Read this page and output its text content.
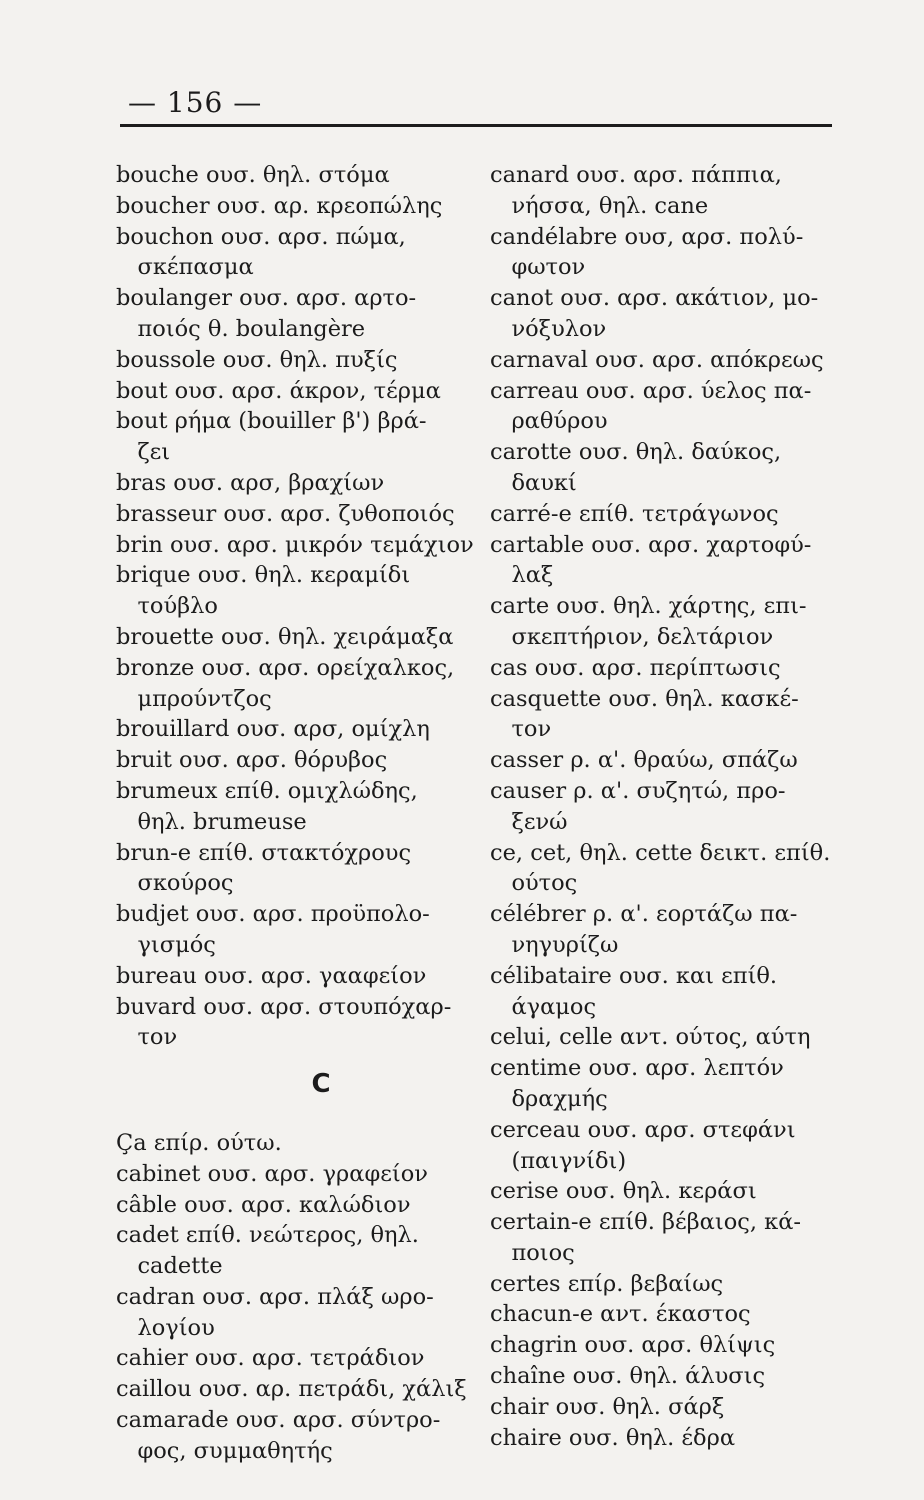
— 156 —
bouche ουσ. θηλ. στόμα
boucher ουσ. αρ. κρεοπώλης
bouchon ουσ. αρσ. πώμα,
σκέπασμα
boulanger ουσ. αρσ. αρτο-
ποιός θ. boulangère
boussole ουσ. θηλ. πυξίς
bout ουσ. αρσ. άκρον, τέρμα
bout ρήμα (bouiller β') βρά-
ζει
bras ουσ. αρσ, βραχίων
brasseur ουσ. αρσ. ζυθοποιός
brin ουσ. αρσ. μικρόν τεμάχιον
brique ουσ. θηλ. κεραμίδι
τούβλο
brouette ουσ. θηλ. χειράμαξα
bronze ουσ. αρσ. ορείχαλκος,
μπρούντζος
brouillard ουσ. αρσ, ομίχλη
bruit ουσ. αρσ. θόρυβος
brumeux επίθ. ομιχλώδης,
θηλ. brumeuse
brun-e επίθ. στακτόχρους
σκούρος
budjet ουσ. αρσ. προϋπολο-
γισμός
bureau ουσ. αρσ. γααφείον
buvard ουσ. αρσ. στουπόχαρ-
τον
C
Ça επίρ. ούτω.
cabinet ουσ. αρσ. γραφείον
câble ουσ. αρσ. καλώδιον
cadet επίθ. νεώτερος, θηλ.
cadette
cadran ουσ. αρσ. πλάξ ωρο-
λογίου
cahier ουσ. αρσ. τετράδιον
caillou ουσ. αρ. πετράδι, χάλιξ
camarade ουσ. αρσ. σύντρο-
φος, συμμαθητής
canard ουσ. αρσ. πάππια,
νήσσα, θηλ. cane
candélabre ουσ, αρσ. πολύ-
φωτον
canot ουσ. αρσ. ακάτιον, μο-
νόξυλον
carnaval ουσ. αρσ. απόκρεως
carreau ουσ. αρσ. ύελος πα-
ραθύρου
carotte ουσ. θηλ. δαύκος,
δαυκί
carré-e επίθ. τετράγωνος
cartable ουσ. αρσ. χαρτοφύ-
λαξ
carte ουσ. θηλ. χάρτης, επι-
σκεπτήριον, δελτάριον
cas ουσ. αρσ. περίπτωσις
casquette ουσ. θηλ. κασκέ-
τον
casser ρ. α'. θραύω, σπάζω
causer ρ. α'. συζητώ, προ-
ξενώ
ce, cet, θηλ. cette δεικτ. επίθ.
ούτος
célébrer ρ. α'. εορτάζω πα-
νηγυρίζω
célibataire ουσ. και επίθ.
άγαμος
celui, celle αντ. ούτος, αύτη
centime ουσ. αρσ. λεπτόν
δραχμής
cerceau ουσ. αρσ. στεφάνι
(παιγνίδι)
cerise ουσ. θηλ. κεράσι
certain-e επίθ. βέβαιος, κά-
ποιος
certes επίρ. βεβαίως
chacun-e αντ. έκαστος
chagrin ουσ. αρσ. θλίψις
chaîne ουσ. θηλ. άλυσις
chair ουσ. θηλ. σάρξ
chaire ουσ. θηλ. έδρα
